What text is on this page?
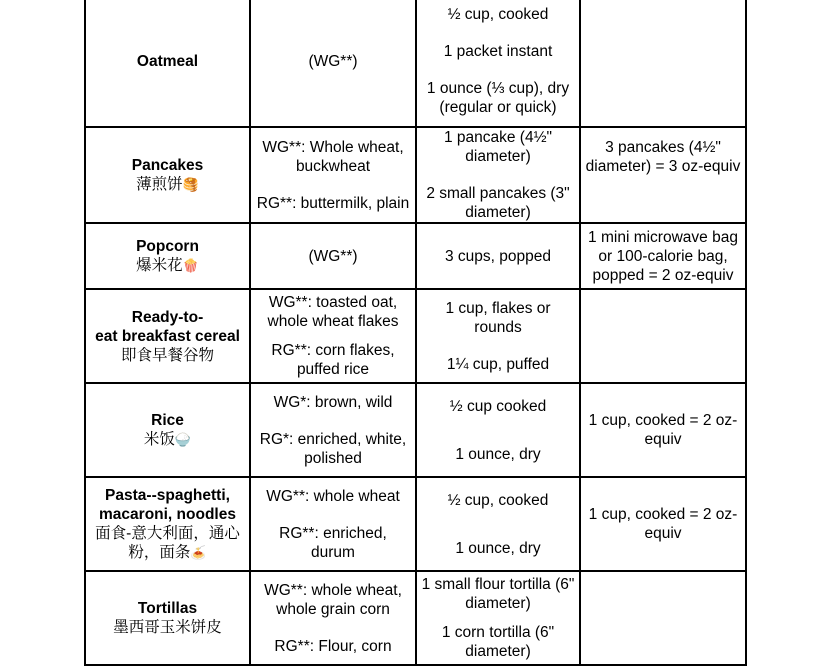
Oatmeal	(WG**)	½ cup, cooked
1 packet instant
1 ounce (⅓ cup), dry
(regular or quick)	

Pancakes
薄煎饼🥞	WG**: Whole wheat,
buckwheat
RG**: buttermilk, plain	1 pancake (4½"
diameter)
2 small pancakes (3"
diameter)	3 pancakes (4½"
diameter) = 3 oz-equiv

Popcorn
爆米花🍿	(WG**)	3 cups, popped	1 mini microwave bag
or 100-calorie bag,
popped = 2 oz-equiv

Ready-to-
eat breakfast cereal
即食早餐谷物	WG**: toasted oat,
whole wheat flakes
RG**: corn flakes,
puffed rice	1 cup, flakes or
rounds
1¼ cup, puffed	

Rice
米饭🍚	WG*: brown, wild
RG*: enriched, white,
polished	½ cup cooked
1 ounce, dry	1 cup, cooked = 2 oz-
equiv

Pasta--spaghetti,
macaroni, noodles
面食-意大利面，通心
粉，面条🍝	WG**: whole wheat
RG**: enriched,
durum	½ cup, cooked
1 ounce, dry	1 cup, cooked = 2 oz-
equiv

Tortillas
墨西哥玉米饼皮	WG**: whole wheat,
whole grain corn
RG**: Flour, corn	1 small flour tortilla (6"
diameter)
1 corn tortilla (6"
diameter)	
